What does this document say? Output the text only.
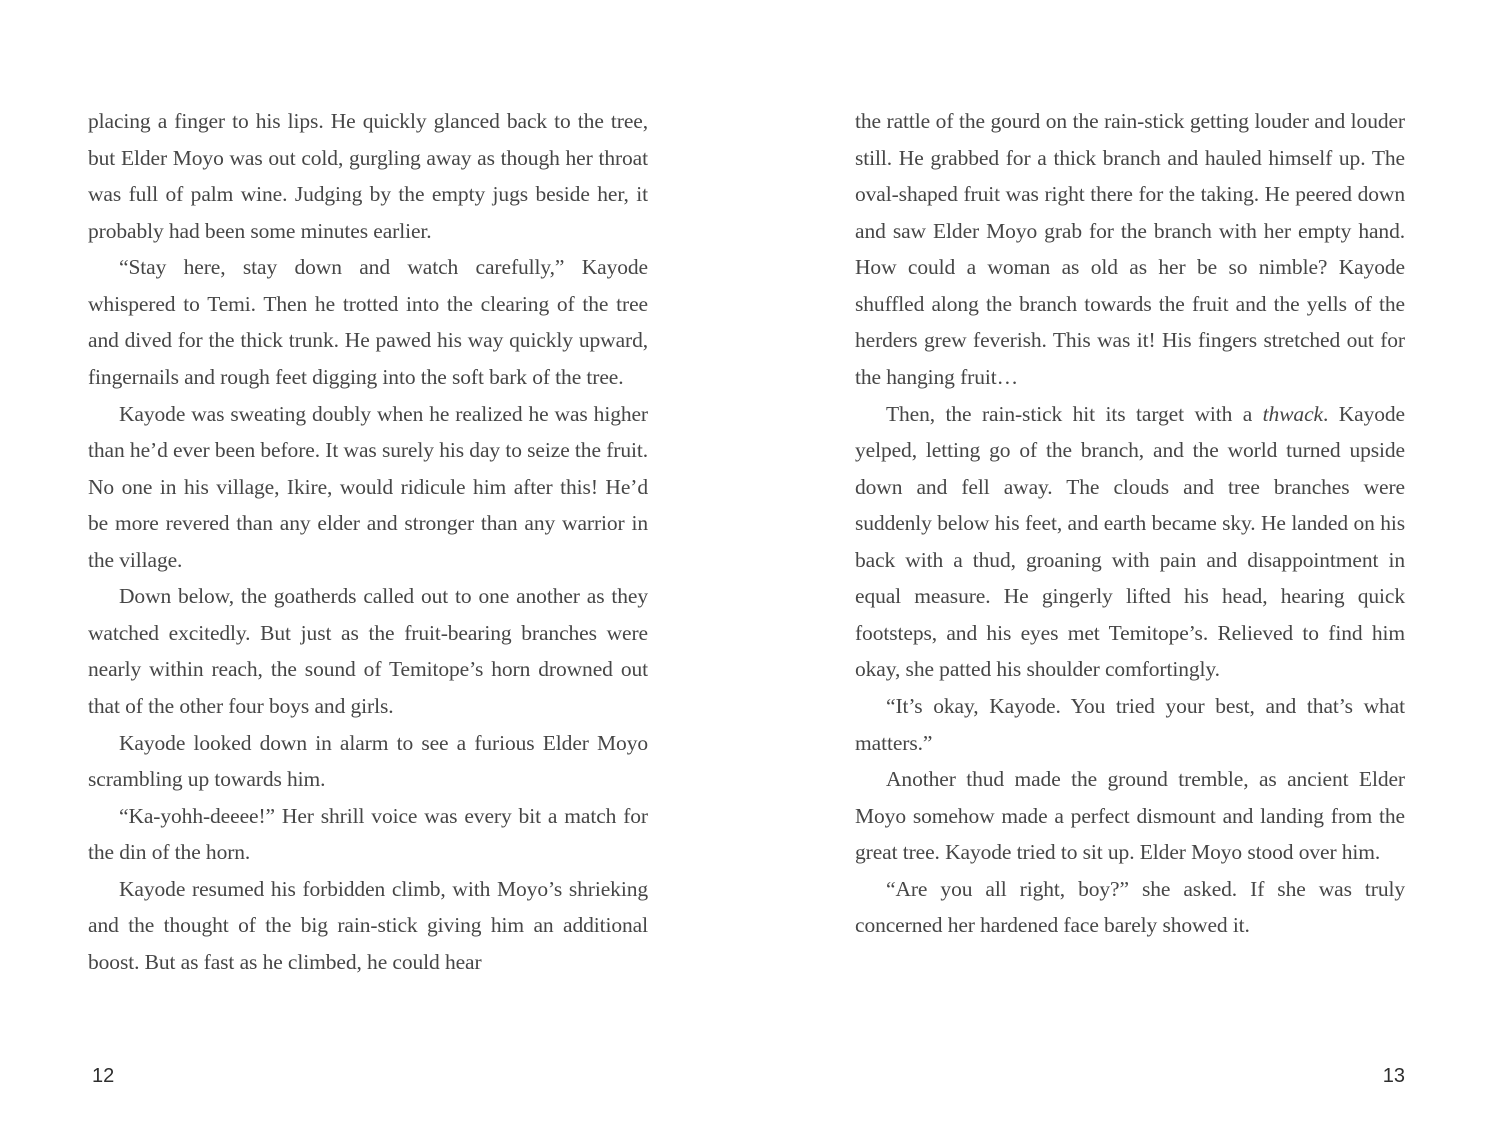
placing a finger to his lips. He quickly glanced back to the tree, but Elder Moyo was out cold, gurgling away as though her throat was full of palm wine. Judging by the empty jugs beside her, it probably had been some minutes earlier.

“Stay here, stay down and watch carefully,” Kayode whispered to Temi. Then he trotted into the clearing of the tree and dived for the thick trunk. He pawed his way quickly upward, fingernails and rough feet digging into the soft bark of the tree.

Kayode was sweating doubly when he realized he was higher than he’d ever been before. It was surely his day to seize the fruit. No one in his village, Ikire, would ridicule him after this! He’d be more revered than any elder and stronger than any warrior in the village.

Down below, the goatherds called out to one another as they watched excitedly. But just as the fruit-bearing branches were nearly within reach, the sound of Temitope’s horn drowned out that of the other four boys and girls.

Kayode looked down in alarm to see a furious Elder Moyo scrambling up towards him.

“Ka-yohh-deeee!” Her shrill voice was every bit a match for the din of the horn.

Kayode resumed his forbidden climb, with Moyo’s shrieking and the thought of the big rain-stick giving him an additional boost. But as fast as he climbed, he could hear

12

the rattle of the gourd on the rain-stick getting louder and louder still. He grabbed for a thick branch and hauled himself up. The oval-shaped fruit was right there for the taking. He peered down and saw Elder Moyo grab for the branch with her empty hand. How could a woman as old as her be so nimble? Kayode shuffled along the branch towards the fruit and the yells of the herders grew feverish. This was it! His fingers stretched out for the hanging fruit…

Then, the rain-stick hit its target with a thwack. Kayode yelped, letting go of the branch, and the world turned upside down and fell away. The clouds and tree branches were suddenly below his feet, and earth became sky. He landed on his back with a thud, groaning with pain and disappointment in equal measure. He gingerly lifted his head, hearing quick footsteps, and his eyes met Temitope’s. Relieved to find him okay, she patted his shoulder comfortingly.

“It’s okay, Kayode. You tried your best, and that’s what matters.”

Another thud made the ground tremble, as ancient Elder Moyo somehow made a perfect dismount and landing from the great tree. Kayode tried to sit up. Elder Moyo stood over him.

“Are you all right, boy?” she asked. If she was truly concerned her hardened face barely showed it.

13
